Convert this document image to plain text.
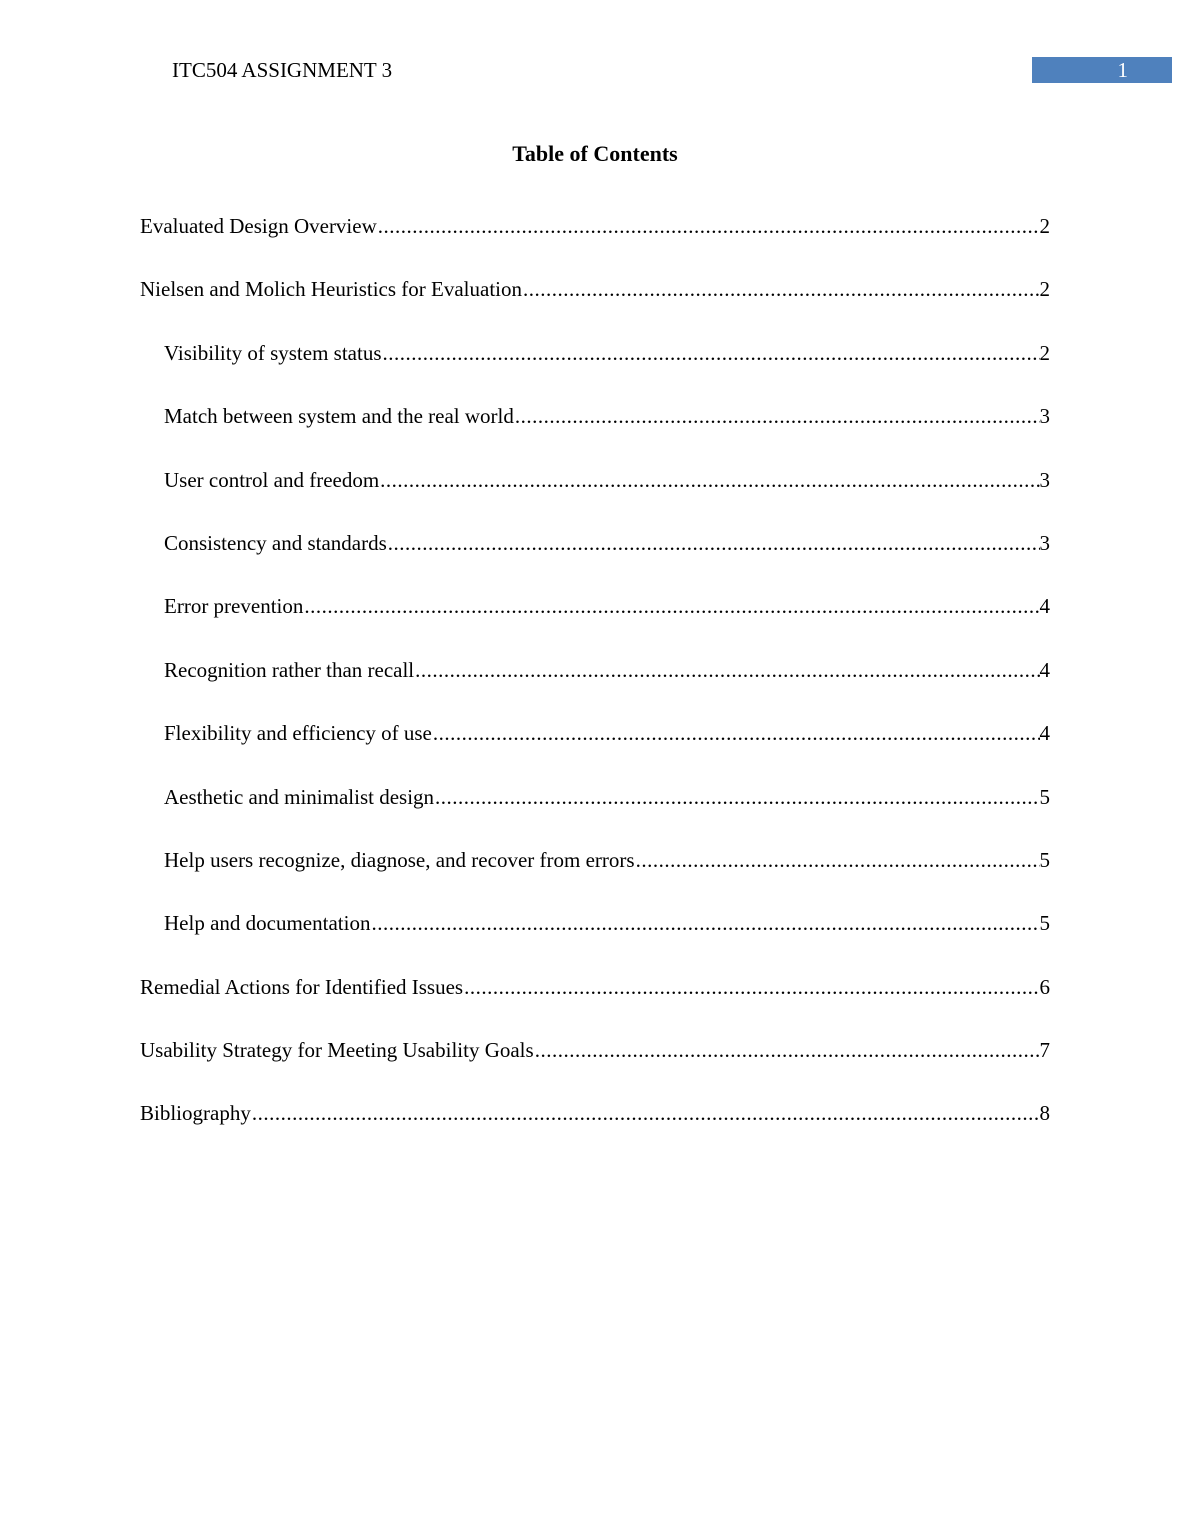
ITC504 ASSIGNMENT 3	1
Table of Contents
Evaluated Design Overview .....	2
Nielsen and Molich Heuristics for Evaluation .....	2
Visibility of system status .....	2
Match between system and the real world .....	3
User control and freedom .....	3
Consistency and standards .....	3
Error prevention .....	4
Recognition rather than recall .....	4
Flexibility and efficiency of use .....	4
Aesthetic and minimalist design .....	5
Help users recognize, diagnose, and recover from errors .....	5
Help and documentation .....	5
Remedial Actions for Identified Issues .....	6
Usability Strategy for Meeting Usability Goals .....	7
Bibliography .....	8
